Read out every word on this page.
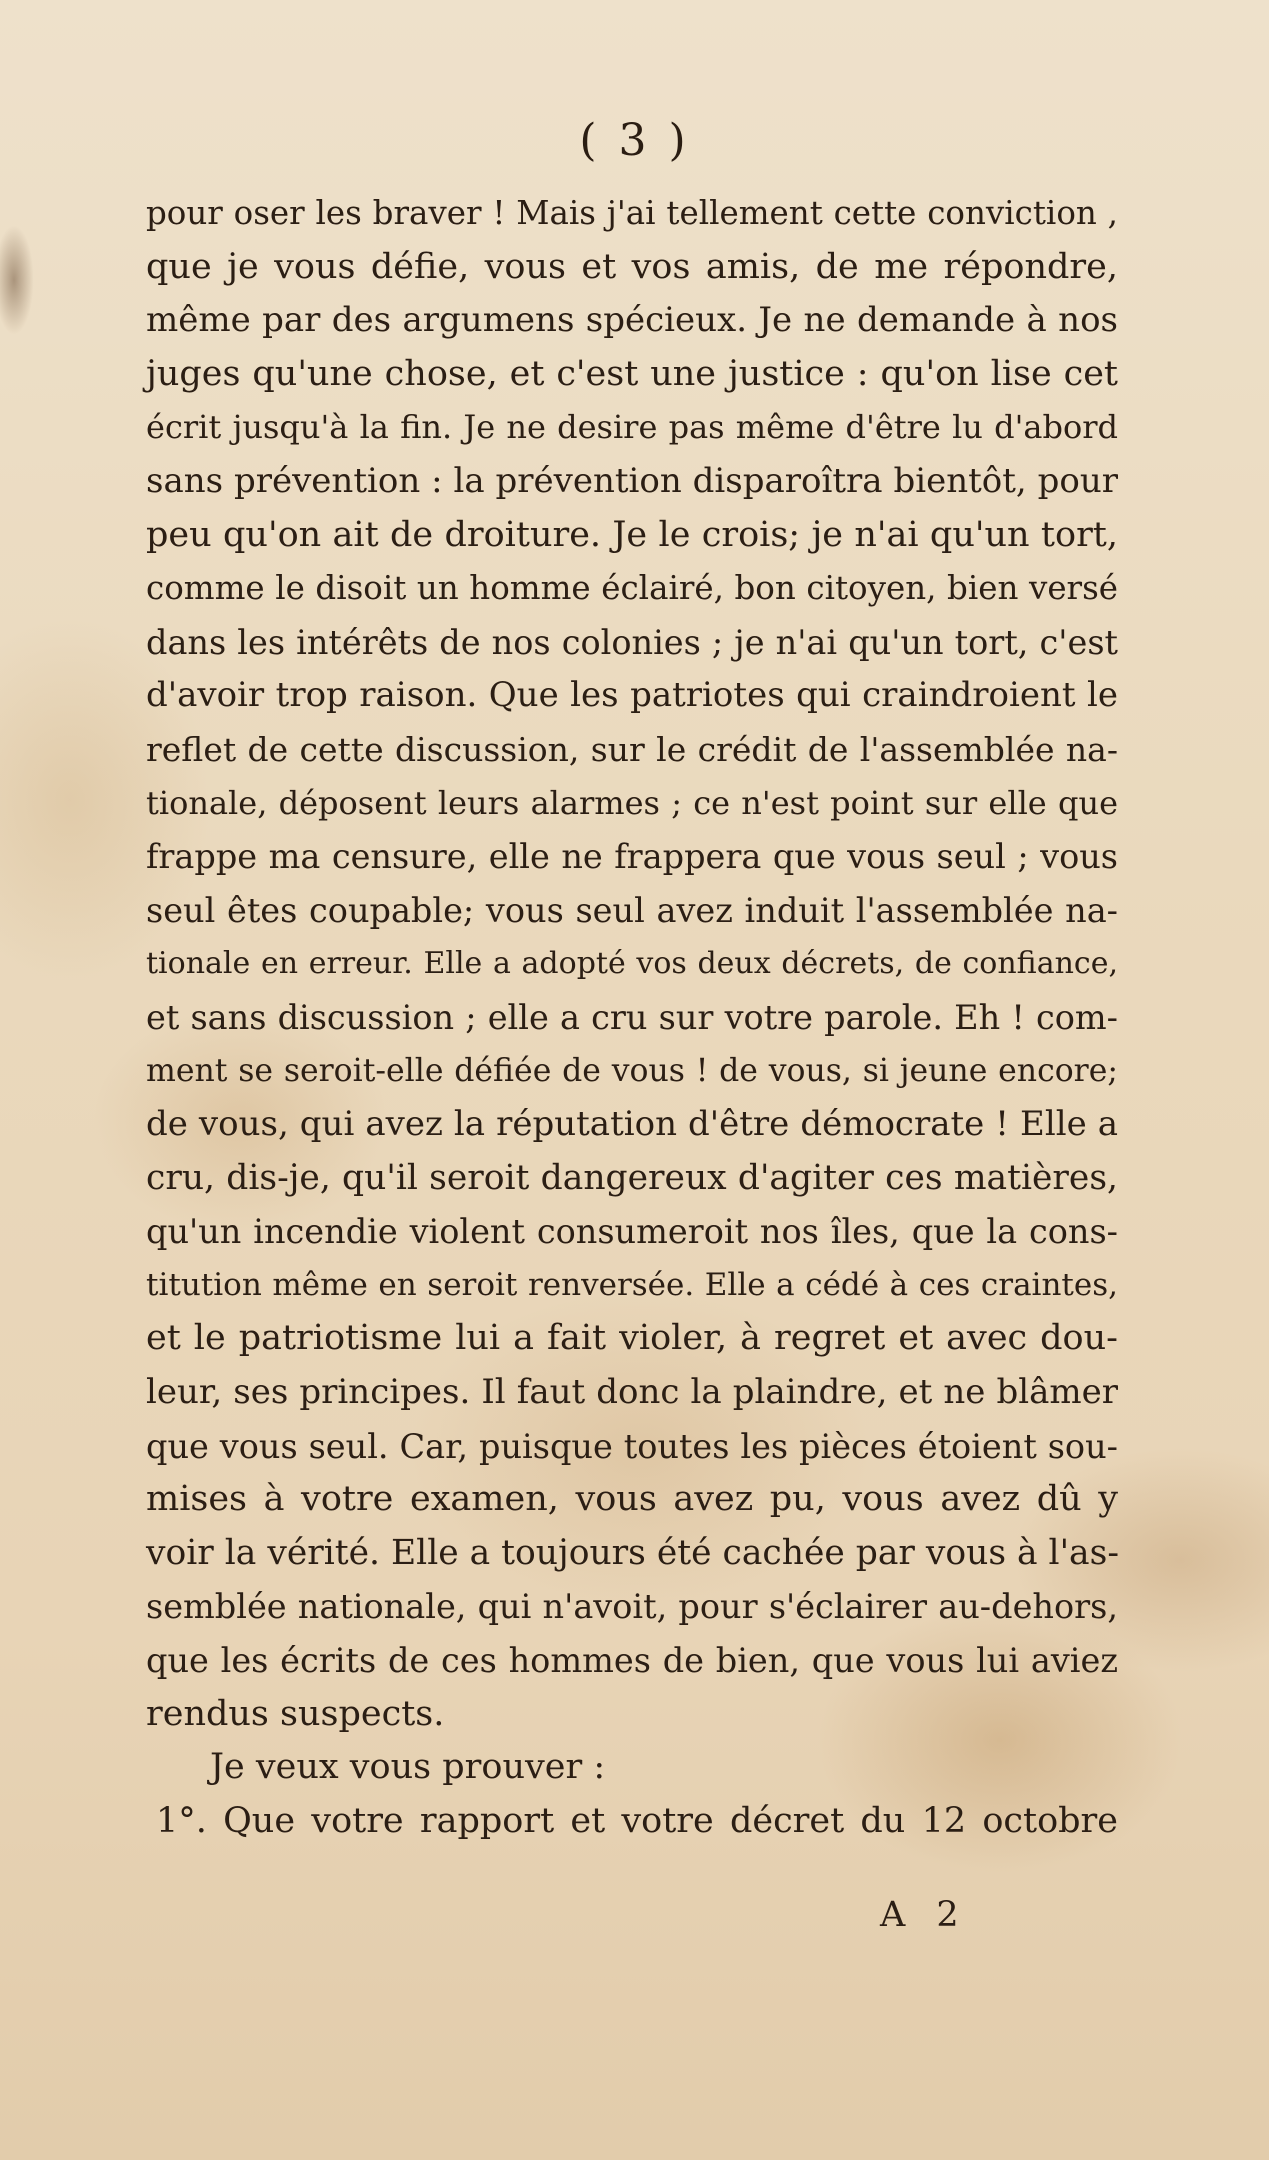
( 3 )
pour oser les braver ! Mais j'ai tellement cette conviction ,
que je vous défie, vous et vos amis, de me répondre,
même par des argumens spécieux. Je ne demande à nos
juges qu'une chose, et c'est une justice : qu'on lise cet
écrit jusqu'à la fin. Je ne desire pas même d'être lu d'abord
sans prévention : la prévention disparoîtra bientôt, pour
peu qu'on ait de droiture. Je le crois; je n'ai qu'un tort,
comme le disoit un homme éclairé, bon citoyen, bien versé
dans les intérêts de nos colonies ; je n'ai qu'un tort, c'est
d'avoir trop raison. Que les patriotes qui craindroient le
reflet de cette discussion, sur le crédit de l'assemblée na-
tionale, déposent leurs alarmes ; ce n'est point sur elle que
frappe ma censure, elle ne frappera que vous seul ; vous
seul êtes coupable; vous seul avez induit l'assemblée na-
tionale en erreur. Elle a adopté vos deux décrets, de confiance,
et sans discussion ; elle a cru sur votre parole. Eh ! com-
ment se seroit-elle défiée de vous ! de vous, si jeune encore;
de vous, qui avez la réputation d'être démocrate ! Elle a
cru, dis-je, qu'il seroit dangereux d'agiter ces matières,
qu'un incendie violent consumeroit nos îles, que la cons-
titution même en seroit renversée. Elle a cédé à ces craintes,
et le patriotisme lui a fait violer, à regret et avec dou-
leur, ses principes. Il faut donc la plaindre, et ne blâmer
que vous seul. Car, puisque toutes les pièces étoient sou-
mises à votre examen, vous avez pu, vous avez dû y
voir la vérité. Elle a toujours été cachée par vous à l'as-
semblée nationale, qui n'avoit, pour s'éclairer au-dehors,
que les écrits de ces hommes de bien, que vous lui aviez
rendus suspects.
Je veux vous prouver :
1°. Que votre rapport et votre décret du 12 octobre
A 2
